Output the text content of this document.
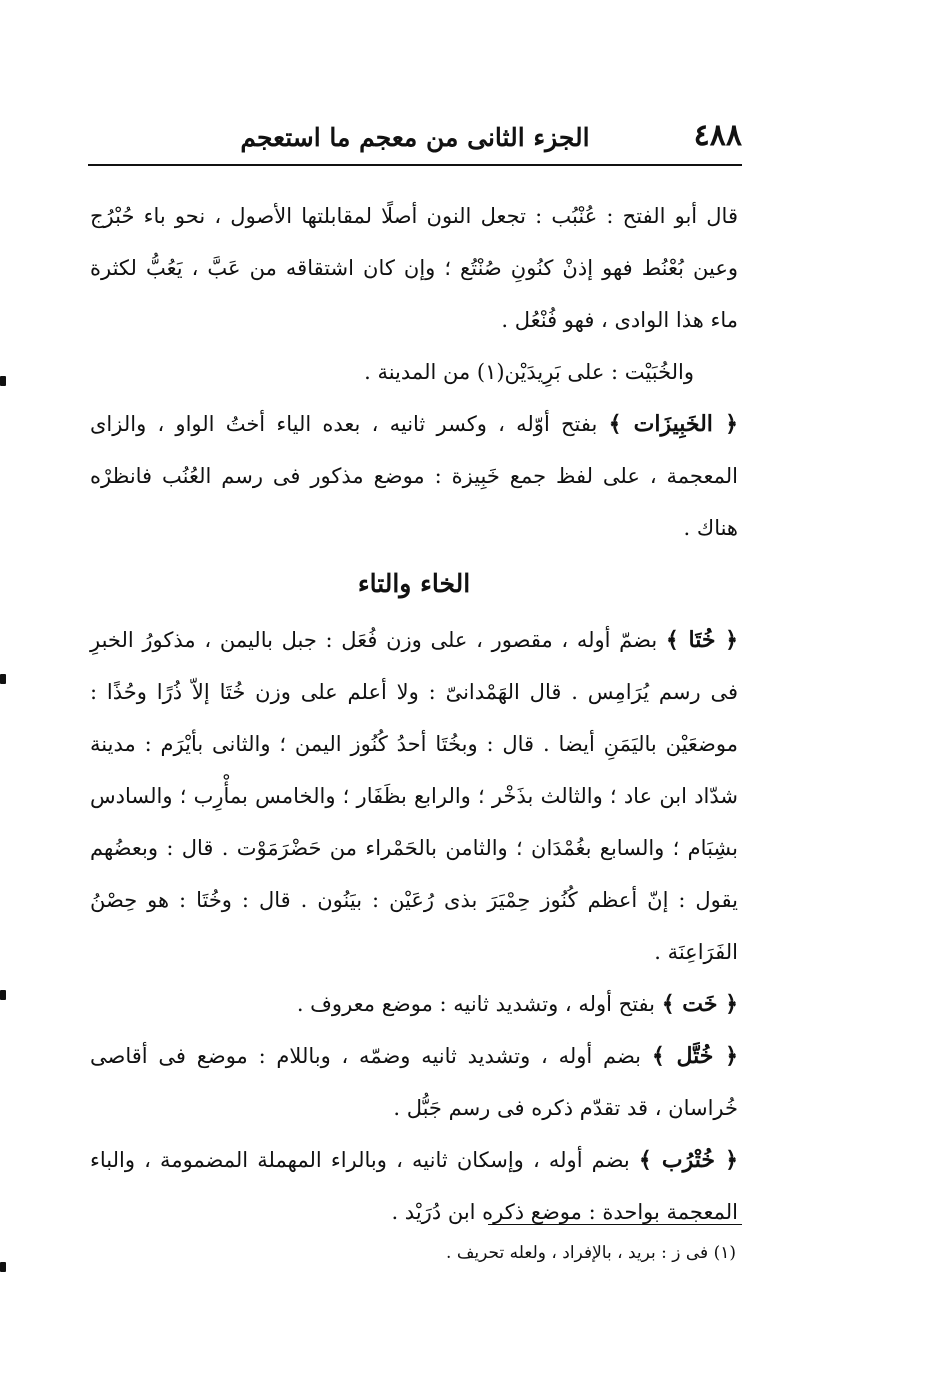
٤٨٨
الجزء الثانى من معجم ما استعجم

قال أبو الفتح : عُنْبُب : تجعل النون أصلًا لمقابلتها الأصول ، نحو باء حُبْرُج وعين بُعْنُط فهو إذنْ كنُونِ صُنْتُع ؛ وإن كان اشتقاقه من عَبَّ ، يَعُبُّ لكثرة ماء هذا الوادى ، فهو فُنْعُل .

والخُبَيْت : على بَرِيدَيْن(١) من المدينة .

﴿ الخَبِيزَات ﴾ بفتح أوّله ، وكسر ثانيه ، بعده الياء أختُ الواو ، والزاى المعجمة ، على لفظ جمع خَبِيزة : موضع مذكور فى رسم العُنُب فانظرْه هناك .

الخاء والتاء

﴿ خُتَا ﴾ بضمّ أوله ، مقصور ، على وزن فُعَل : جبل باليمن ، مذكورُ الخبرِ فى رسم يُرَامِس . قال الهَمْدانىّ : ولا أعلم على وزن خُتَا إلاّ ذُرًا وحُذًا : موضعَيْن باليَمَنِ أيضا . قال : وبخُتَا أحدُ كُنُوز اليمن ؛ والثانى بأيْرَم : مدينة شدّاد ابن عاد ؛ والثالث بذَخْر ؛ والرابع بظَفَار ؛ والخامس بمأْرِب ؛ والسادس بشِبَام ؛ والسابع بغُمْدَان ؛ والثامن بالحَمْراء من حَضْرَمَوْت . قال : وبعضُهم يقول : إنّ أعظم كُنُوز حِمْيَرَ بذى رُعَيْن : بيَنُون . قال : وخُتَا : هو حِصْنُ الفَرَاعِنَة .

﴿ خَت ﴾ بفتح أوله ، وتشديد ثانيه : موضع معروف .

﴿ خُتَّل ﴾ بضم أوله ، وتشديد ثانيه وضمّه ، وباللام : موضع فى أقاصى خُراسان ، قد تقدّم ذكره فى رسم جَبُّل .

﴿ خُتْرُب ﴾ بضم أوله ، وإسكان ثانيه ، وبالراء المهملة المضمومة ، والباء المعجمة بواحدة : موضع ذكره ابن دُرَيْد .

(١) فى ز : بريد ، بالإفراد ، ولعله تحريف .
